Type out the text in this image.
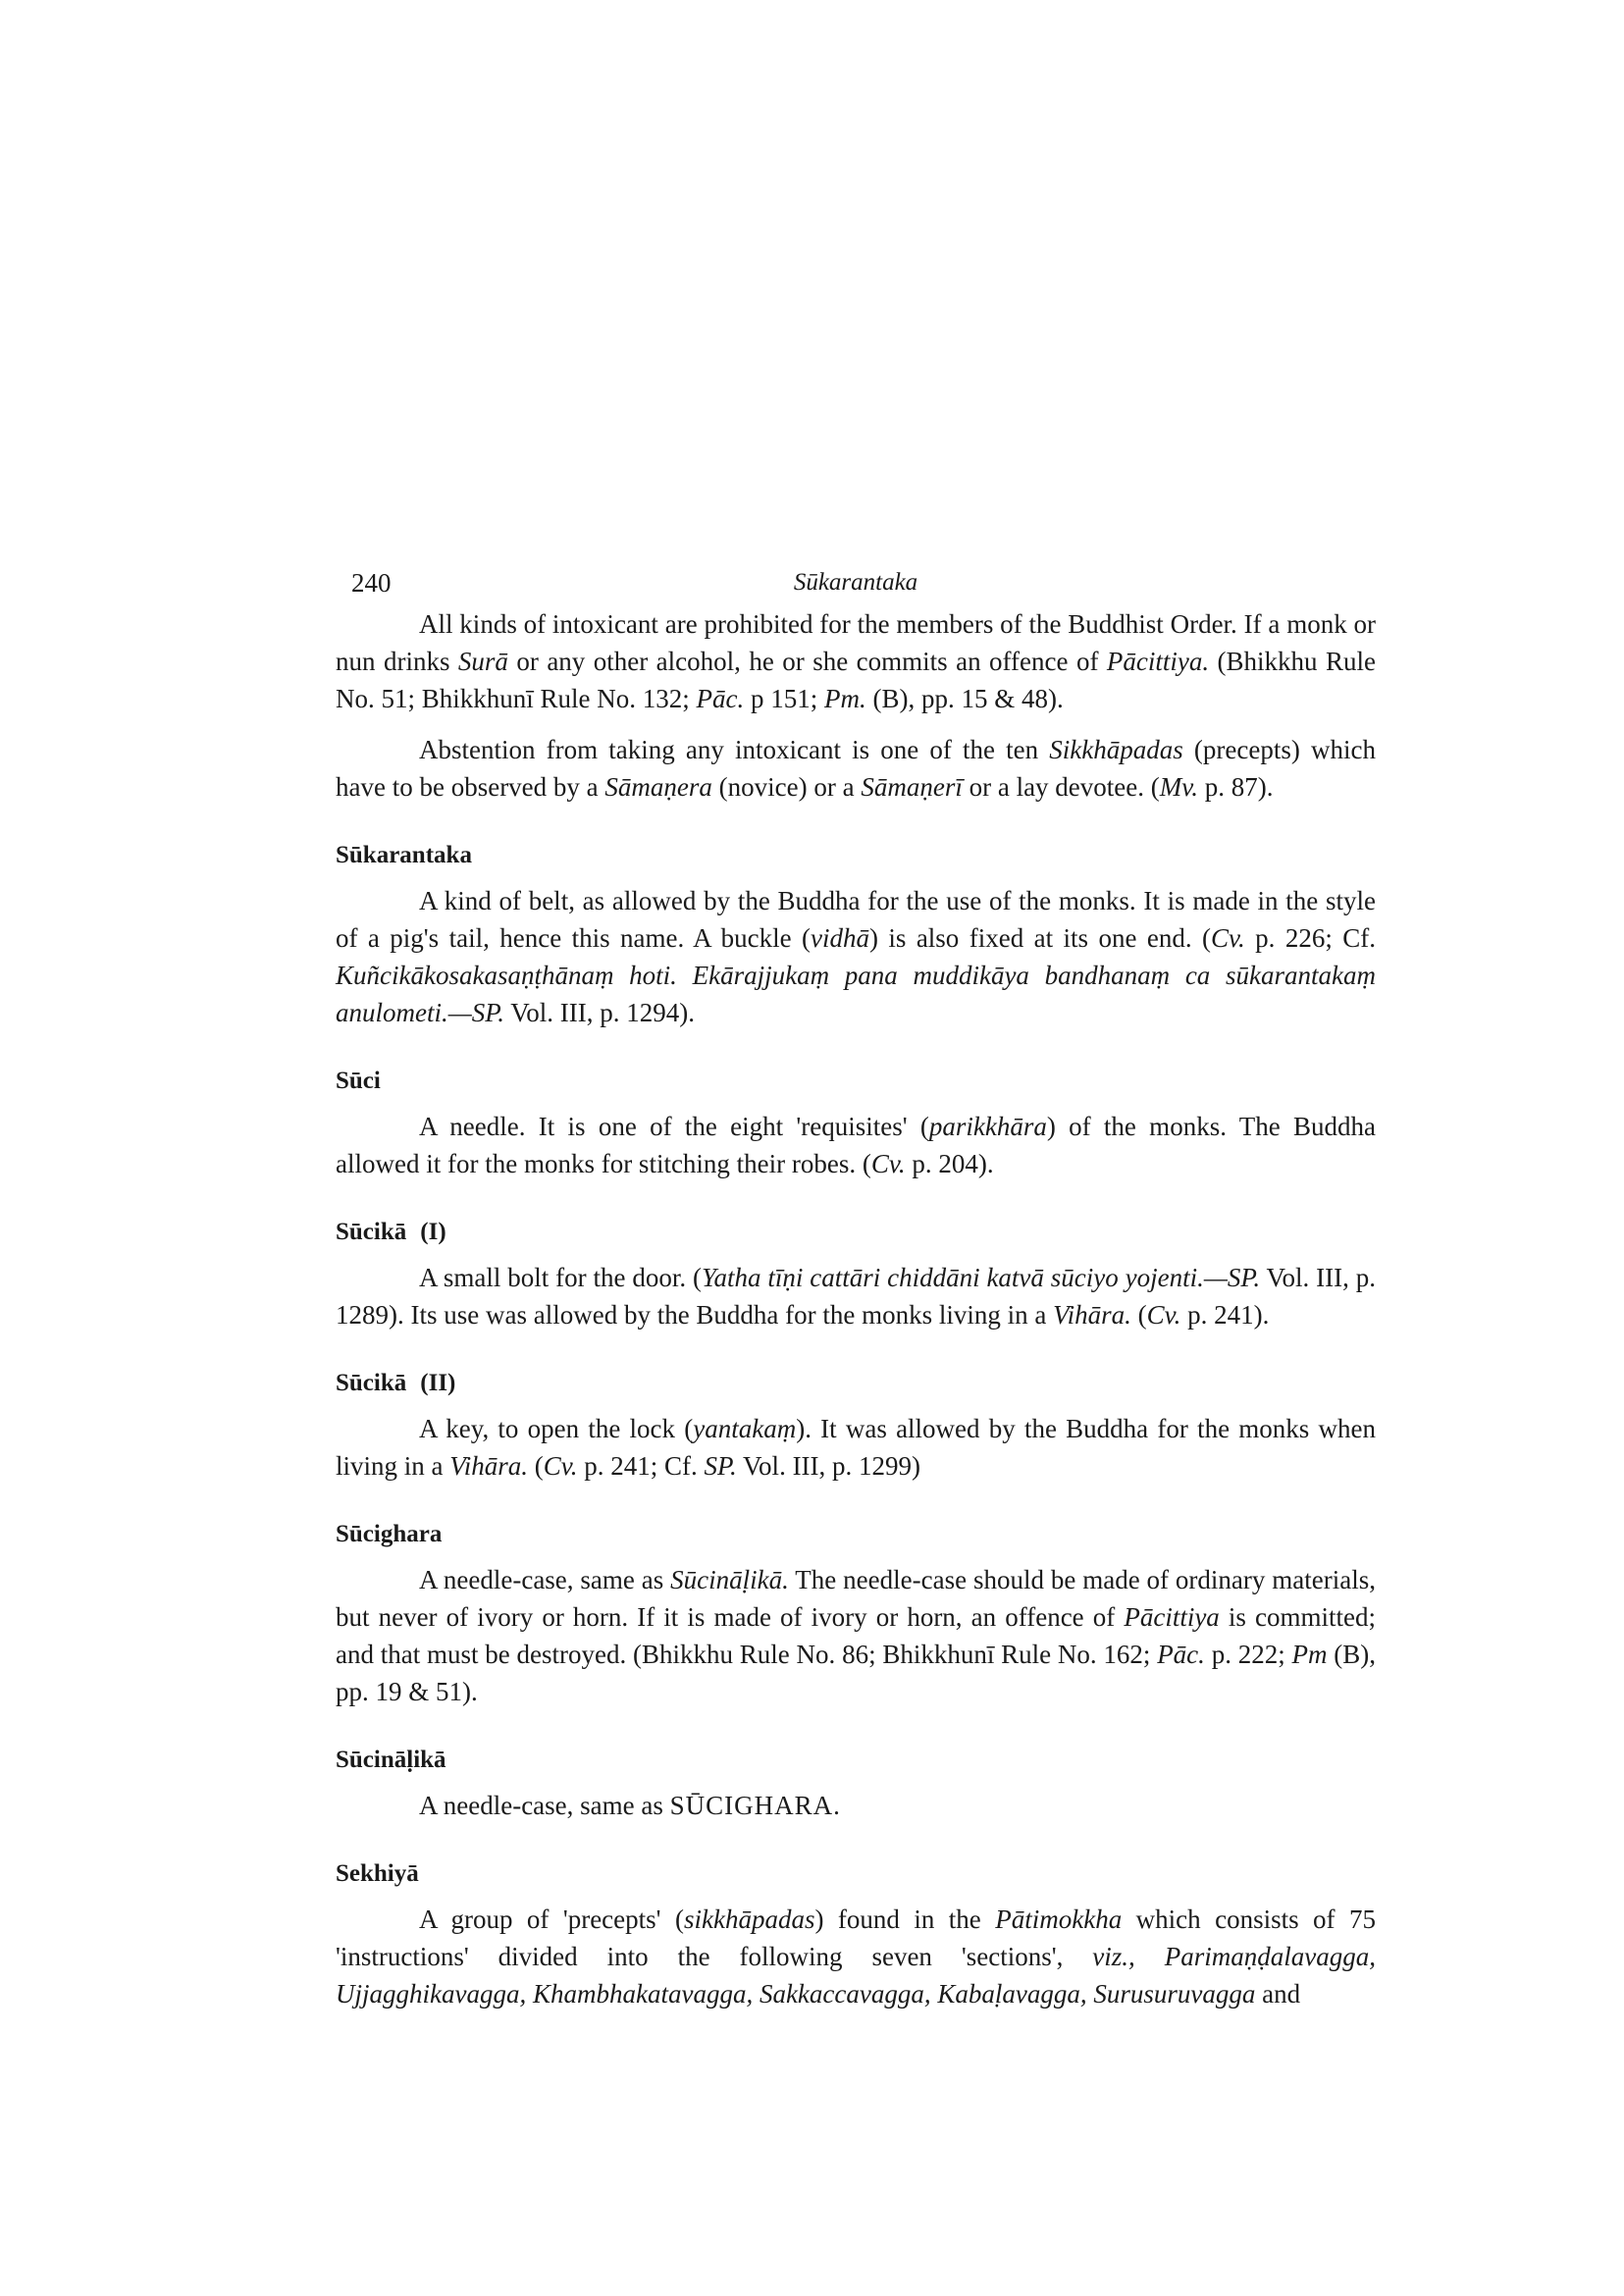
240	Sūkarantaka

All kinds of intoxicant are prohibited for the members of the Buddhist Order. If a monk or nun drinks Surā or any other alcohol, he or she commits an offence of Pācittiya. (Bhikkhu Rule No. 51; Bhikkhunī Rule No. 132; Pāc. p 151; Pm. (B), pp. 15 & 48).

Abstention from taking any intoxicant is one of the ten Sikkhāpadas (precepts) which have to be observed by a Sāmaṇera (novice) or a Sāmaṇerī or a lay devotee. (Mv. p. 87).

Sūkarantaka

A kind of belt, as allowed by the Buddha for the use of the monks. It is made in the style of a pig's tail, hence this name. A buckle (vidhā) is also fixed at its one end. (Cv. p. 226; Cf. Kuñcikākosakasaṇṭhānaṃ hoti. Ekārajjukaṃ pana muddikāya bandhanaṃ ca sūkarantakaṃ anulometi.—SP. Vol. III, p. 1294).

Sūci

A needle. It is one of the eight 'requisites' (parikkhāra) of the monks. The Buddha allowed it for the monks for stitching their robes. (Cv. p. 204).

Sūcikā (I)

A small bolt for the door. (Yatha tīṇi cattāri chiddāni katvā sūciyo yojenti.—SP. Vol. III, p. 1289). Its use was allowed by the Buddha for the monks living in a Vihāra. (Cv. p. 241).

Sūcikā (II)

A key, to open the lock (yantakaṃ). It was allowed by the Buddha for the monks when living in a Vihāra. (Cv. p. 241; Cf. SP. Vol. III, p. 1299)

Sūcighara

A needle-case, same as Sūcināḷikā. The needle-case should be made of ordinary materials, but never of ivory or horn. If it is made of ivory or horn, an offence of Pācittiya is committed; and that must be destroyed. (Bhikkhu Rule No. 86; Bhikkhunī Rule No. 162; Pāc. p. 222; Pm (B), pp. 19 & 51).

Sūcināḷikā

A needle-case, same as SŪCIGHARA.

Sekhiyā

A group of 'precepts' (sikkhāpadas) found in the Pātimokkha which consists of 75 'instructions' divided into the following seven 'sections', viz., Parimaṇḍalavagga, Ujjagghikavagga, Khambhakatavagga, Sakkaccavagga, Kabaḷavagga, Surusuruvagga and
